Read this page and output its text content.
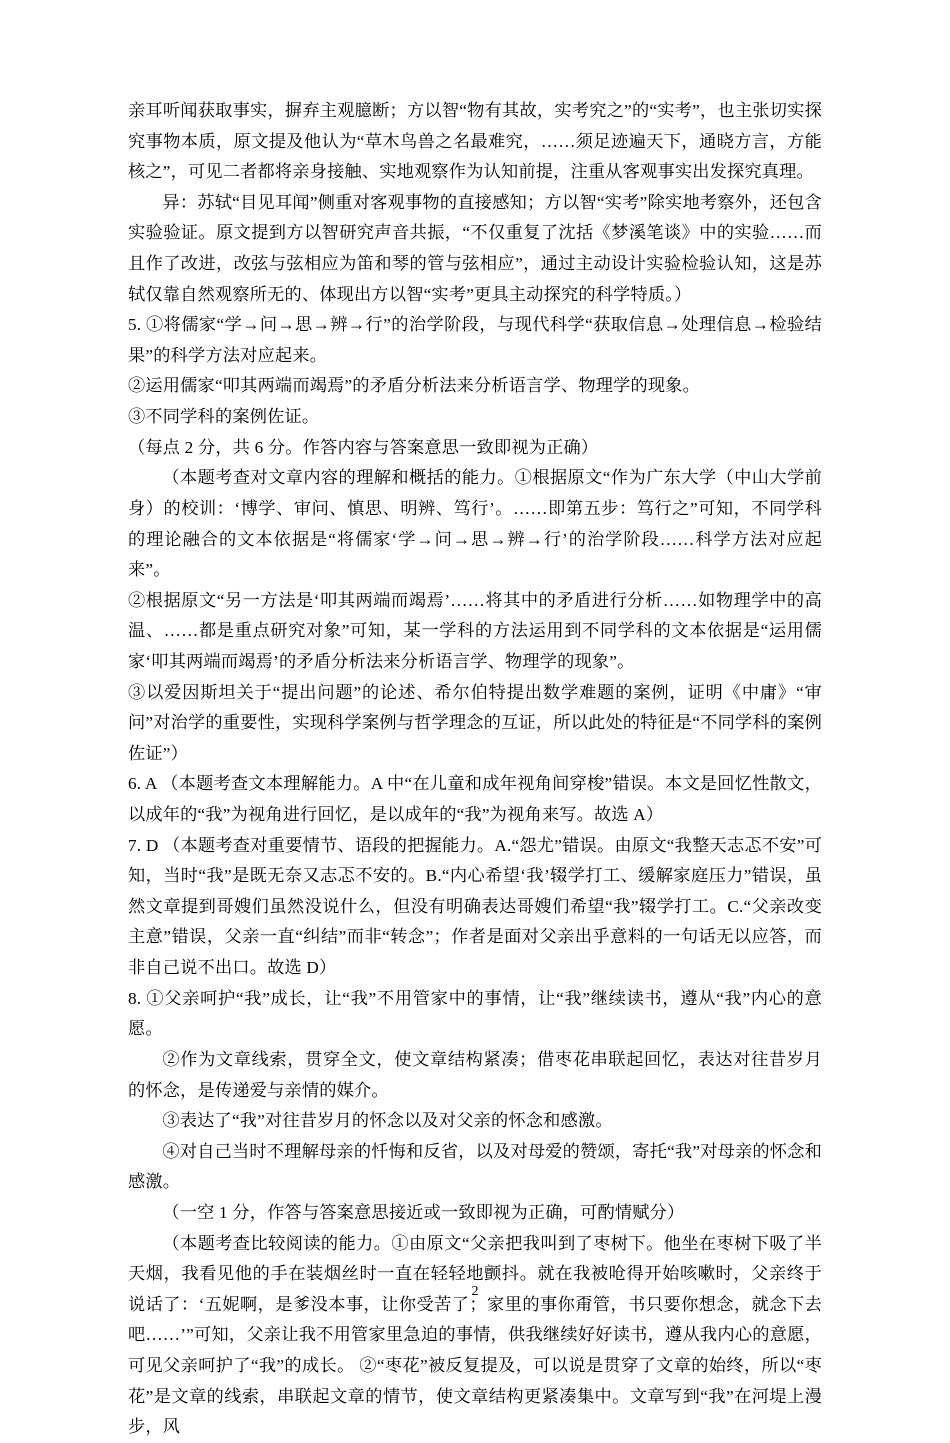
亲耳听闻获取事实，摒弃主观臆断；方以智“物有其故，实考究之”的“实考”，也主张切实探究事物本质，原文提及他认为“草木鸟兽之名最难究，……须足迹遍天下，通晓方言，方能核之”，可见二者都将亲身接触、实地观察作为认知前提，注重从客观事实出发探究真理。

异：苏轼“目见耳闻”侧重对客观事物的直接感知；方以智“实考”除实地考察外，还包含实验验证。原文提到方以智研究声音共振，“不仅重复了沈括《梦溪笔谈》中的实验……而且作了改进，改弦与弦相应为笛和琴的管与弦相应”，通过主动设计实验检验认知，这是苏轼仅靠自然观察所无的、体现出方以智“实考”更具主动探究的科学特质。）

5. ①将儒家“学→问→思→辨→行”的治学阶段，与现代科学“获取信息→处理信息→检验结果”的科学方法对应起来。

②运用儒家“叩其两端而竭焉”的矛盾分析法来分析语言学、物理学的现象。

③不同学科的案例佐证。

（每点 2 分，共 6 分。作答内容与答案意思一致即视为正确）

（本题考查对文章内容的理解和概括的能力。①根据原文“作为广东大学（中山大学前身）的校训：‘博学、审问、慎思、明辨、笃行’。……即第五步：笃行之”可知，不同学科的理论融合的文本依据是“将儒家‘学→问→思→辨→行’的治学阶段……科学方法对应起来”。

②根据原文“另一方法是‘叩其两端而竭焉’……将其中的矛盾进行分析……如物理学中的高温、……都是重点研究对象”可知，某一学科的方法运用到不同学科的文本依据是“运用儒家‘叩其两端而竭焉’的矛盾分析法来分析语言学、物理学的现象”。

③以爱因斯坦关于“提出问题”的论述、希尔伯特提出数学难题的案例，证明《中庸》“审问”对治学的重要性，实现科学案例与哲学理念的互证，所以此处的特征是“不同学科的案例佐证”）

6. A （本题考查文本理解能力。A 中“在儿童和成年视角间穿梭”错误。本文是回忆性散文，以成年的“我”为视角进行回忆，是以成年的“我”为视角来写。故选 A）

7. D （本题考查对重要情节、语段的把握能力。A.“怨尤”错误。由原文“我整天志忑不安”可知，当时“我”是既无奈又志忑不安的。B.“内心希望‘我’辍学打工、缓解家庭压力”错误，虽然文章提到哥嫂们虽然没说什么，但没有明确表达哥嫂们希望“我”辍学打工。C.“父亲改变主意”错误，父亲一直“纠结”而非“转念”；作者是面对父亲出乎意料的一句话无以应答，而非自己说不出口。故选 D）

8. ①父亲呵护“我”成长，让“我”不用管家中的事情，让“我”继续读书，遵从“我”内心的意愿。

②作为文章线索，贯穿全文，使文章结构紧凑；借枣花串联起回忆，表达对往昔岁月的怀念，是传递爱与亲情的媒介。

③表达了“我”对往昔岁月的怀念以及对父亲的怀念和感激。

④对自己当时不理解母亲的忏悔和反省，以及对母爱的赞颂，寄托“我”对母亲的怀念和感激。

（一空 1 分，作答与答案意思接近或一致即视为正确，可酌情赋分）

（本题考查比较阅读的能力。①由原文“父亲把我叫到了枣树下。他坐在枣树下吸了半天烟，我看见他的手在装烟丝时一直在轻轻地颤抖。就在我被呛得开始咳嗽时，父亲终于说话了：‘五妮啊，是爹没本事，让你受苦了；家里的事你甭管，书只要你想念，就念下去吧……’”可知，父亲让我不用管家里急迫的事情，供我继续好好读书，遵从我内心的意愿，可见父亲呵护了“我”的成长。 ②“枣花”被反复提及，可以说是贯穿了文章的始终，所以“枣花”是文章的线索，串联起文章的情节，使文章结构更紧凑集中。文章写到“我”在河堤上漫步，风

2
